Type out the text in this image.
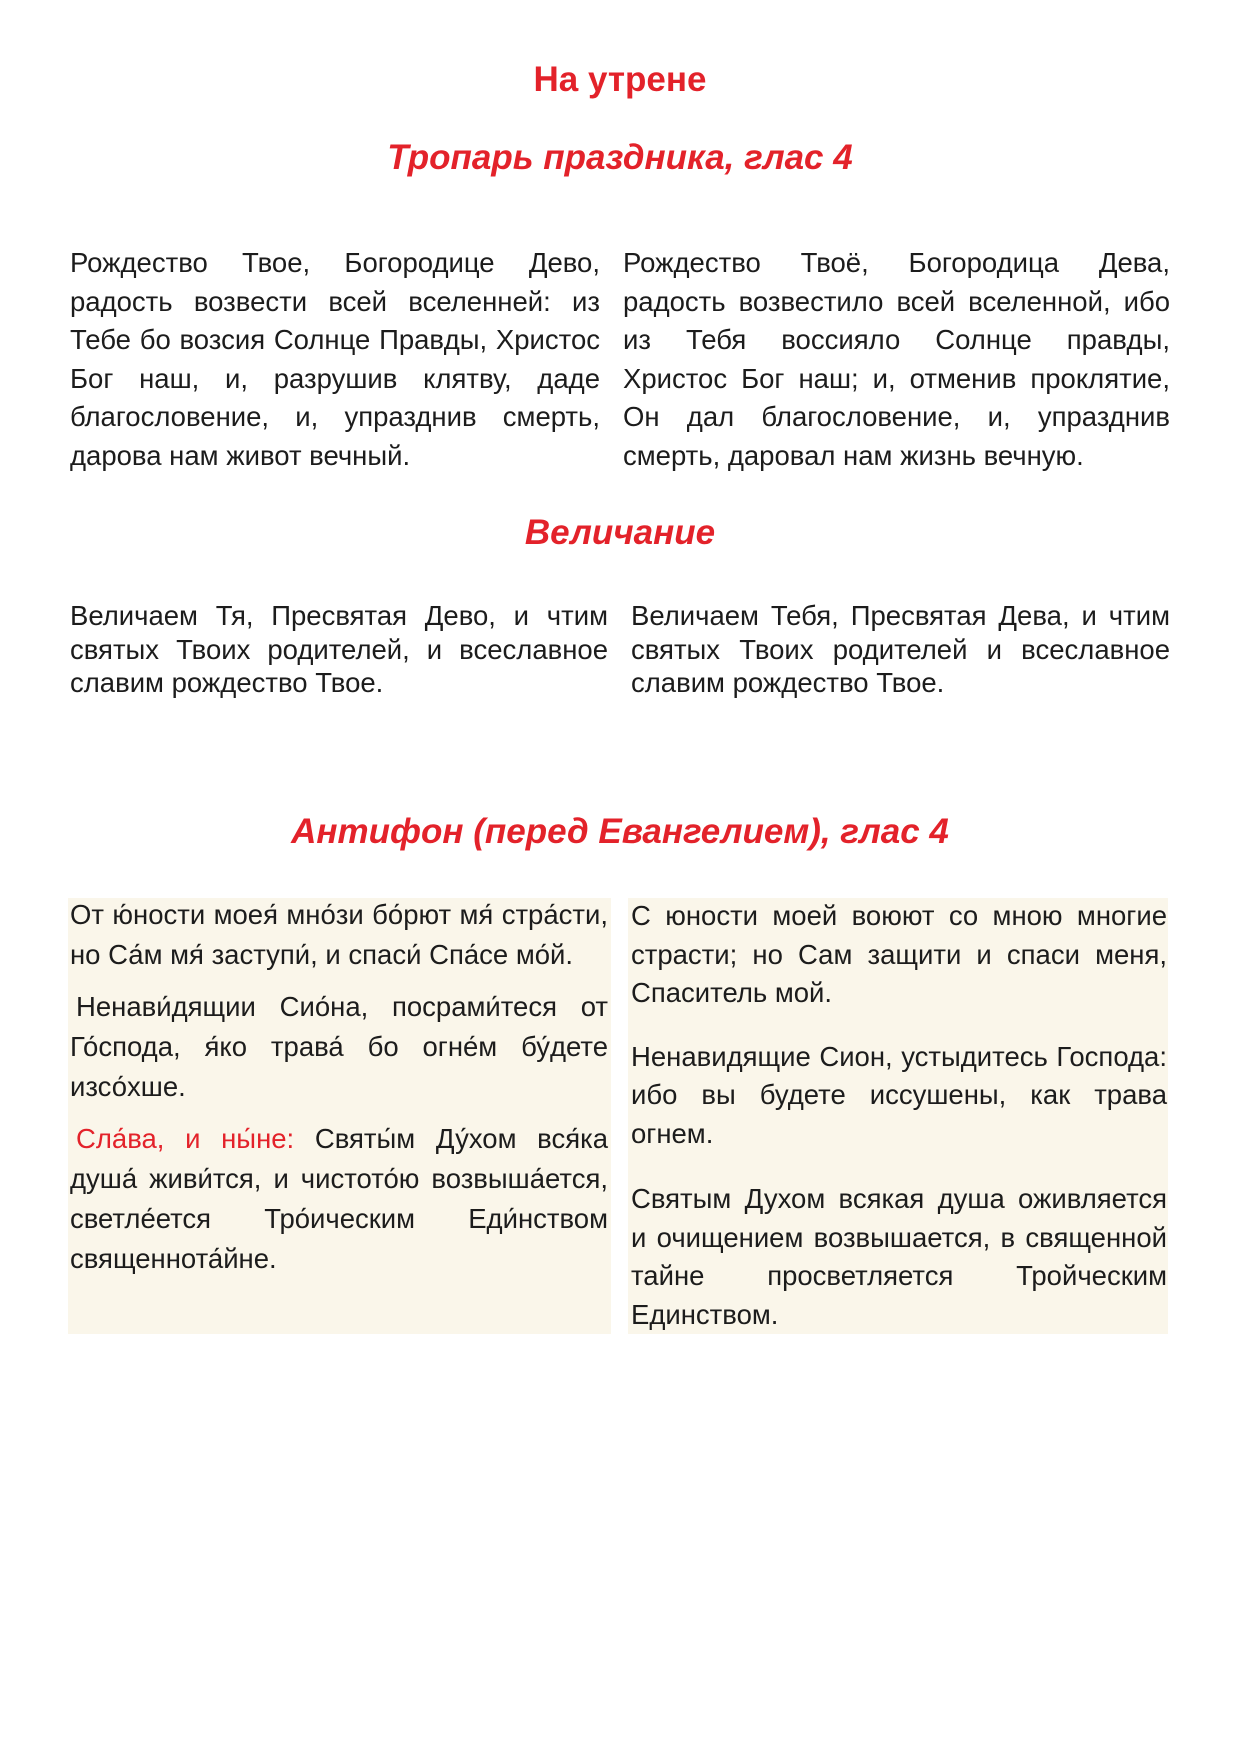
На утрене
Тропарь праздника, глас 4

Рождество Твое, Богородице Дево, радость возвести всей вселенней: из Тебе бо возсия Солнце Правды, Христос Бог наш, и, разрушив клятву, даде благословение, и, упразднив смерть, дарова нам живот вечный.

Рождество Твоё, Богородица Дева, радость возвестило всей вселенной, ибо из Тебя воссияло Солнце правды, Христос Бог наш; и, отменив проклятие, Он дал благословение, и, упразднив смерть, даровал нам жизнь вечную.

Величание

Величаем Тя, Пресвятая Дево, и чтим святых Твоих родителей, и всеславное славим рождество Твое.

Величаем Тебя, Пресвятая Дева, и чтим святых Твоих родителей и всеславное славим рождество Твое.

Антифон (перед Евангелием), глас 4

От ю́ности моея́ мно́зи бо́рют мя́ стра́сти, но Са́м мя́ заступи́, и спаси́ Спа́се мо́й.

Ненави́дящии Сио́на, посрами́теся от Го́спода, я́ко трава́ бо огне́м бу́дете изсо́хше.

Сла́ва, и ны́не: Святы́м Ду́хом вся́ка душа́ живи́тся, и чистото́ю возвыша́ется, светле́ется Тро́ическим Еди́нством священнота́йне.

С юности моей воюют со мною многие страсти; но Сам защити и спаси меня, Спаситель мой.

Ненавидящие Сион, устыдитесь Господа: ибо вы будете иссушены, как трава огнем.

Святым Духом всякая душа оживляется и очищением возвышается, в священной тайне просветляется Тройческим Единством.
